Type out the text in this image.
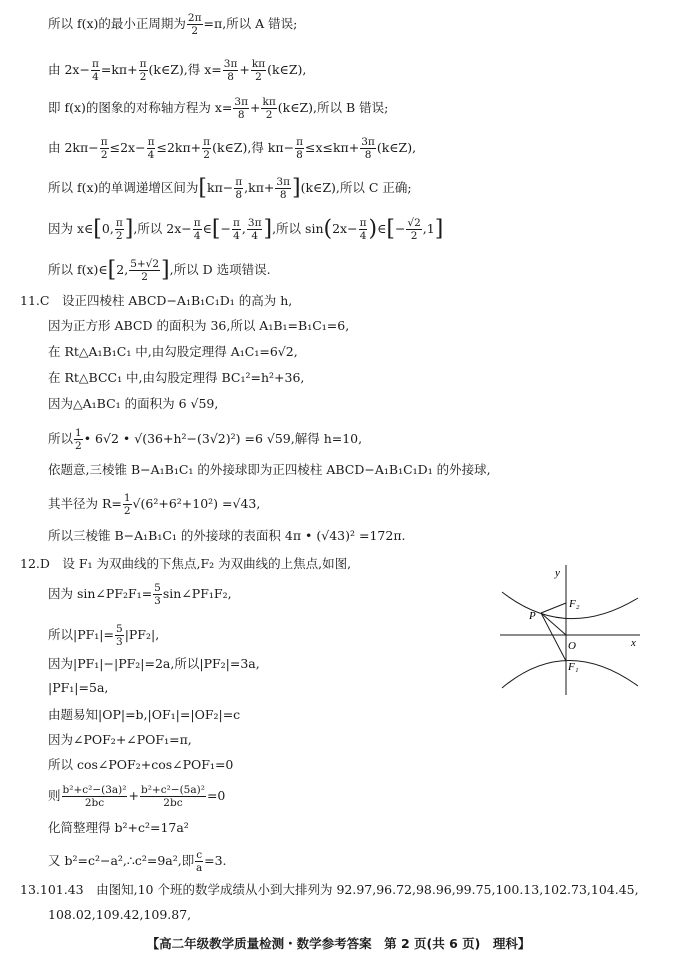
所以 f(x)的最小正周期为 $\frac{2\pi}{2} =\pi$,所以 A 错误;
由 $2x- \frac{\pi}{4} =k\pi+ \frac{\pi}{2}$ (k∈Z),得 $x= \frac{3\pi}{8} + \frac{k\pi}{2}$ (k∈Z),
即 f(x)的图象的对称轴方程为 $x= \frac{3\pi}{8} + \frac{k\pi}{2}$ (k∈Z),所以 B 错误;
由 $2k\pi- \frac{\pi}{2} \le 2x- \frac{\pi}{4} \le 2k\pi+ \frac{\pi}{2}$ (k∈Z),得 $k\pi- \frac{\pi}{8} \le x\le k\pi+ \frac{3\pi}{8}$ (k∈Z),
所以 f(x)的单调递增区间为[$k\pi- \frac{\pi}{8} ,k\pi+ \frac{3\pi}{8}$ ](k∈Z),所以 C 正确;
因为 x∈[0, $\frac{\pi}{2}$ ],所以 $2x- \frac{\pi}{4}$ ∈[− $\frac{\pi}{4}$ , $\frac{3\pi}{4}$ ],所以 $\sin(2x- \frac{\pi}{4}$ )∈[− $\frac{√2}{2} ,1$]
所以 f(x)∈[2, $\frac{5+√2}{2}$ ],所以 D 选项错误.
11.C　设正四棱柱 ABCD−A₁B₁C₁D₁ 的高为 h,
因为正方形 ABCD 的面积为 36,所以 A₁B₁=B₁C₁=6,
在 Rt△A₁B₁C₁ 中,由勾股定理得 A₁C₁=6√2,
在 Rt△BCC₁ 中,由勾股定理得 BC₁²=h²+36,
因为△A₁BC₁ 的面积为 6 √59,
所以 $\frac{1}{2}$ • 6√2 • √(36+h²−(3√2)²) =6 √59,解得 h=10,
依题意,三棱锥 B−A₁B₁C₁ 的外接球即为正四棱柱 ABCD−A₁B₁C₁D₁ 的外接球,
其半径为 $R= \frac{1}{2} √(6^2+6^2+10^2) =√43$,
所以三棱锥 B−A₁B₁C₁ 的外接球的表面积 4π • (√43)² =172π.
12.D　设 F₁ 为双曲线的下焦点,F₂ 为双曲线的上焦点,如图,
因为 sin∠PF₂F₁= $\frac{5}{3}$ sin∠PF₁F₂,
所以$|PF_1|= \frac{5}{3} |PF_2|$,
因为|PF₁|−|PF₂|=2a,所以|PF₂|=3a,
|PF₁|=5a,
由题易知|OP|=b,|OF₁|=|OF₂|=c
因为∠POF₂+∠POF₁=π,
所以 cos∠POF₂+cos∠POF₁=0
则 $\frac{\text{b²+c²−(3a)²}}{2bc} + \frac{\text{b²+c²−(5a)²}}{2bc} =0$
化简整理得 b²+c²=17a²
又 b²=c²−a²,∴c²=9a²,即 $\frac{c}{a} =3$.
13.101.43　由图知,10 个班的数学成绩从小到大排列为 92.97,96.72,98.96,99.75,100.13,102.73,104.45,
108.02,109.42,109.87,
y
x
P
F₂
O
F₁
【高二年级教学质量检测・数学参考答案　第 2 页(共 6 页)　理科】
